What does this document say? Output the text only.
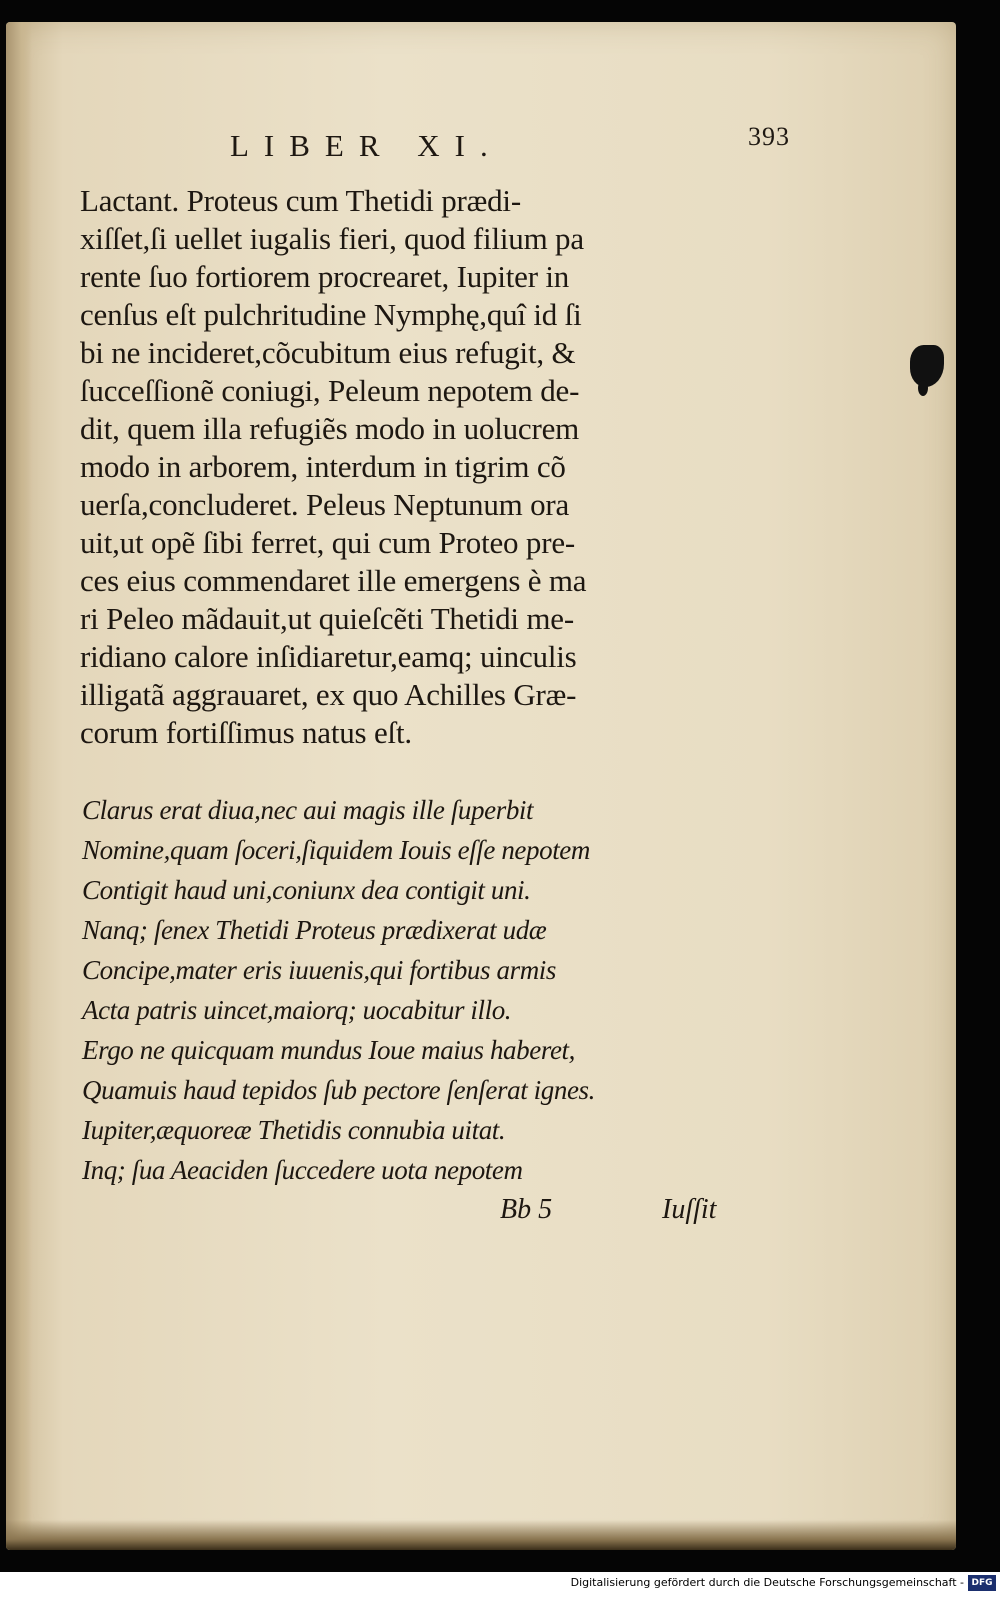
LIBER XI.	393
Lactant. Proteus cum Thetidi prædi‑
xiſſet,ſi uellet iugalis fieri, quod filium pa
rente ſuo fortiorem procrearet, Iupiter in
cenſus eſt pulchritudine Nymphę,quî id ſi
bi ne incideret,cõcubitum eius refugit, &
ſucceſſionẽ coniugi, Peleum nepotem de‑
dit, quem illa refugiẽs modo in uolucrem
modo in arborem, interdum in tigrim cõ
uerſa,concluderet. Peleus Neptunum ora
uit,ut opẽ ſibi ferret, qui cum Proteo pre‑
ces eius commendaret ille emergens è ma
ri Peleo mãdauit,ut quieſcẽti Thetidi me‑
ridiano calore inſidiaretur,eamq; uinculis
illigatã aggrauaret, ex quo Achilles Græ‑
corum fortiſſimus natus eſt.
Clarus erat diua,nec aui magis ille ſuperbit
Nomine,quam ſoceri,ſiquidem Iouis eſſe nepotem
Contigit haud uni,coniunx dea contigit uni.
Nanq; ſenex Thetidi Proteus prædixerat udæ
Concipe,mater eris iuuenis,qui fortibus armis
Acta patris uincet,maiorq; uocabitur illo.
Ergo ne quicquam mundus Ioue maius haberet,
Quamuis haud tepidos ſub pectore ſenſerat ignes.
Iupiter,æquoreæ Thetidis connubia uitat.
Inq; ſua Aeaciden ſuccedere uota nepotem
Bb 5	Iuſſit
Digitalisierung gefördert durch die Deutsche Forschungsgemeinschaft - DFG
